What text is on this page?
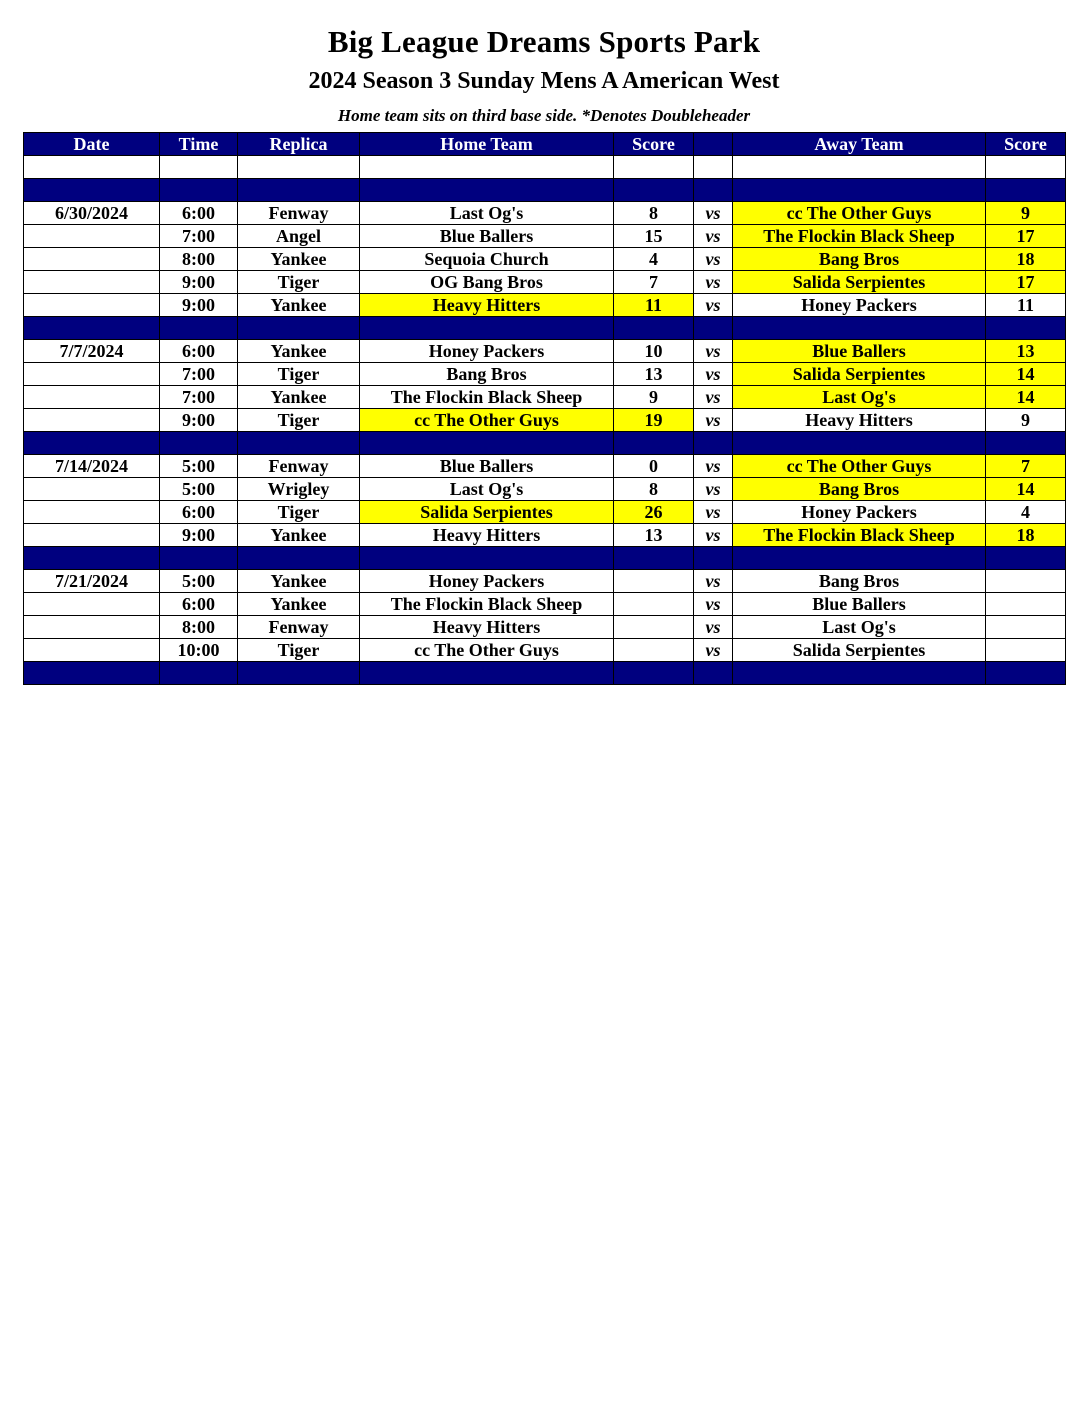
Big League Dreams Sports Park
2024 Season 3 Sunday Mens A American West
Home team sits on third base side. *Denotes Doubleheader
Date	Time	Replica	Home Team	Score		Away Team	Score

6/30/2024	6:00	Fenway	Last Og's	8	vs	cc The Other Guys	9
	7:00	Angel	Blue Ballers	15	vs	The Flockin Black Sheep	17
	8:00	Yankee	Sequoia Church	4	vs	Bang Bros	18
	9:00	Tiger	OG Bang Bros	7	vs	Salida Serpientes	17
	9:00	Yankee	Heavy Hitters	11	vs	Honey Packers	11

7/7/2024	6:00	Yankee	Honey Packers	10	vs	Blue Ballers	13
	7:00	Tiger	Bang Bros	13	vs	Salida Serpientes	14
	7:00	Yankee	The Flockin Black Sheep	9	vs	Last Og's	14
	9:00	Tiger	cc The Other Guys	19	vs	Heavy Hitters	9

7/14/2024	5:00	Fenway	Blue Ballers	0	vs	cc The Other Guys	7
	5:00	Wrigley	Last Og's	8	vs	Bang Bros	14
	6:00	Tiger	Salida Serpientes	26	vs	Honey Packers	4
	9:00	Yankee	Heavy Hitters	13	vs	The Flockin Black Sheep	18

7/21/2024	5:00	Yankee	Honey Packers		vs	Bang Bros	
	6:00	Yankee	The Flockin Black Sheep		vs	Blue Ballers	
	8:00	Fenway	Heavy Hitters		vs	Last Og's	
	10:00	Tiger	cc The Other Guys		vs	Salida Serpientes	
